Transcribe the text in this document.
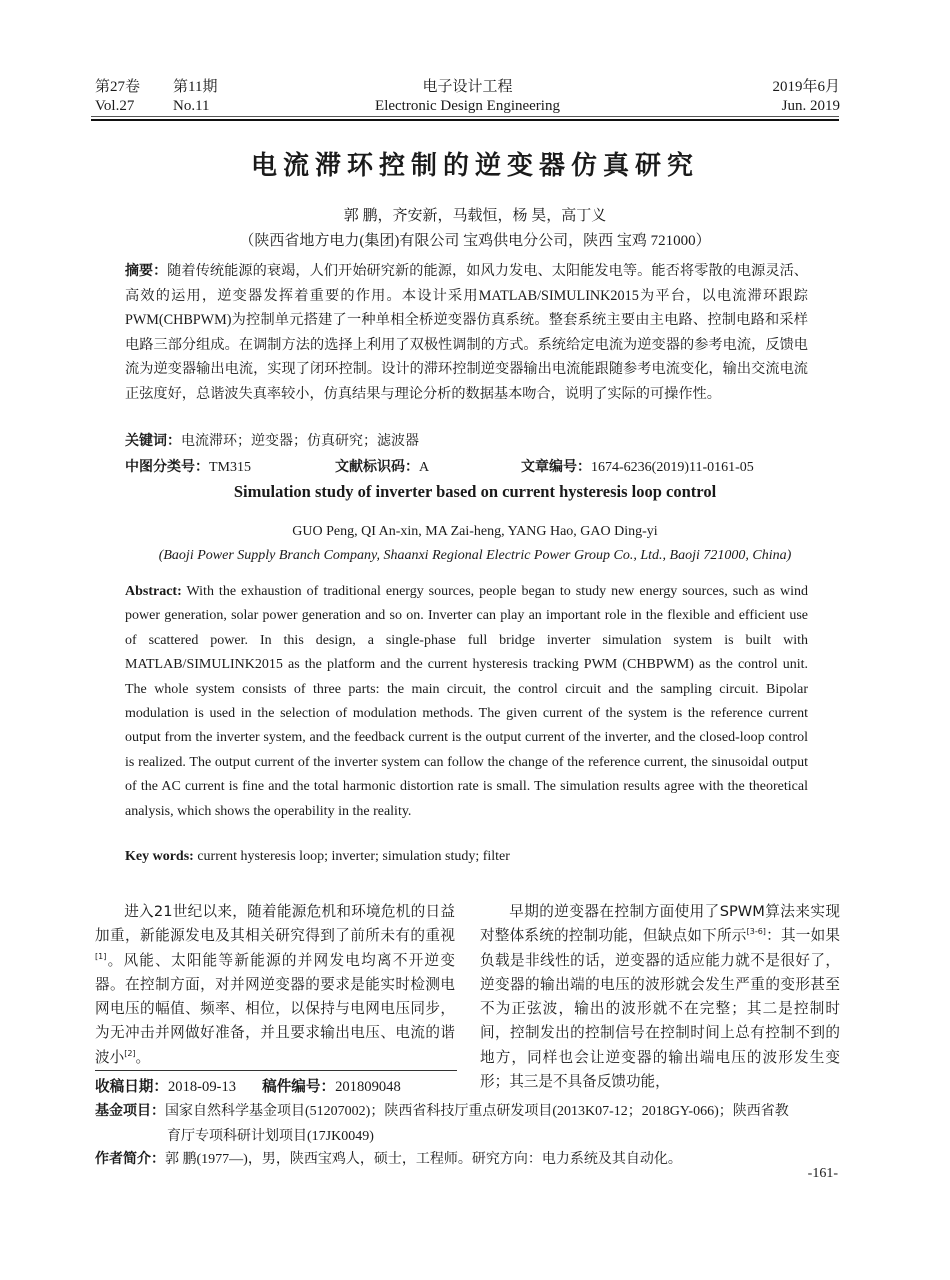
第27卷 第11期
Vol.27	No.11
电子设计工程
Electronic Design Engineering
2019年6月
Jun. 2019
电流滞环控制的逆变器仿真研究
郭 鹏，齐安新，马载恒，杨 昊，高丁义
（陕西省地方电力(集团)有限公司 宝鸡供电分公司，陕西 宝鸡 721000）
摘要：随着传统能源的衰竭，人们开始研究新的能源，如风力发电、太阳能发电等。能否将零散的电源灵活、高效的运用，逆变器发挥着重要的作用。本设计采用MATLAB/SIMULINK2015为平台，以电流滞环跟踪PWM(CHBPWM)为控制单元搭建了一种单相全桥逆变器仿真系统。整套系统主要由主电路、控制电路和采样电路三部分组成。在调制方法的选择上利用了双极性调制的方式。系统给定电流为逆变器的参考电流，反馈电流为逆变器输出电流，实现了闭环控制。设计的滞环控制逆变器输出电流能跟随参考电流变化，输出交流电流正弦度好，总谐波失真率较小，仿真结果与理论分析的数据基本吻合，说明了实际的可操作性。
关键词：电流滞环；逆变器；仿真研究；滤波器
中图分类号：TM315	文献标识码：A	文章编号：1674-6236(2019)11-0161-05
Simulation study of inverter based on current hysteresis loop control
GUO Peng, QI An-xin, MA Zai-heng, YANG Hao, GAO Ding-yi
(Baoji Power Supply Branch Company, Shaanxi Regional Electric Power Group Co., Ltd., Baoji 721000, China)
Abstract: With the exhaustion of traditional energy sources, people began to study new energy sources, such as wind power generation, solar power generation and so on. Inverter can play an important role in the flexible and efficient use of scattered power. In this design, a single-phase full bridge inverter simulation system is built with MATLAB/SIMULINK2015 as the platform and the current hysteresis tracking PWM (CHBPWM) as the control unit. The whole system consists of three parts: the main circuit, the control circuit and the sampling circuit. Bipolar modulation is used in the selection of modulation methods. The given current of the system is the reference current output from the inverter system, and the feedback current is the output current of the inverter, and the closed-loop control is realized. The output current of the inverter system can follow the change of the reference current, the sinusoidal output of the AC current is fine and the total harmonic distortion rate is small. The simulation results agree with the theoretical analysis, which shows the operability in the reality.
Key words: current hysteresis loop; inverter; simulation study; filter

进入21世纪以来，随着能源危机和环境危机的日益加重，新能源发电及其相关研究得到了前所未有的重视[1]。风能、太阳能等新能源的并网发电均离不开逆变器。在控制方面，对并网逆变器的要求是能实时检测电网电压的幅值、频率、相位，以保持与电网电压同步，为无冲击并网做好准备，并且要求输出电压、电流的谐波小[2]。

早期的逆变器在控制方面使用了SPWM算法来实现对整体系统的控制功能，但缺点如下所示[3-6]：其一如果负载是非线性的话，逆变器的适应能力就不是很好了，逆变器的输出端的电压的波形就会发生严重的变形甚至不为正弦波，输出的波形就不在完整；其二是控制时间，控制发出的控制信号在控制时间上总有控制不到的地方，同样也会让逆变器的输出端电压的波形发生变形；其三是不具备反馈功能，

收稿日期：2018-09-13 稿件编号：201809048
基金项目：国家自然科学基金项目(51207002)；陕西省科技厅重点研发项目(2013K07-12；2018GY-066)；陕西省教
育厅专项科研计划项目(17JK0049)
作者简介：郭 鹏(1977—)，男，陕西宝鸡人，硕士，工程师。研究方向：电力系统及其自动化。
-161-
